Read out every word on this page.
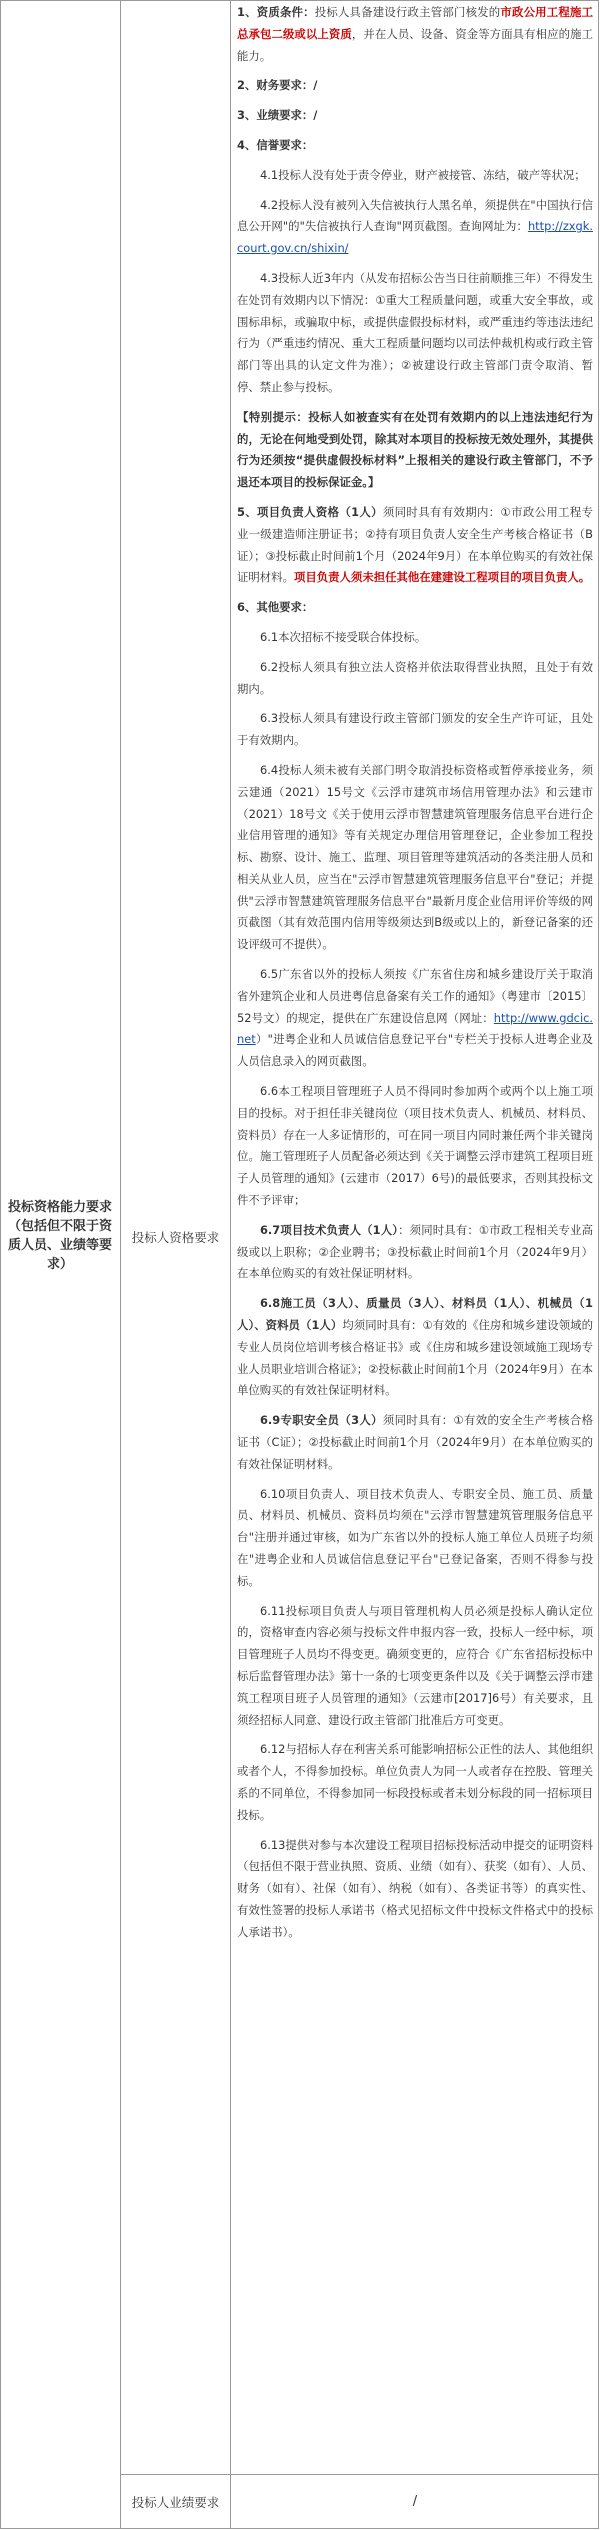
投标资格能力要求（包括但不限于资质人员、业绩等要求）
投标人资格要求
投标人业绩要求	/

1、资质条件：投标人具备建设行政主管部门核发的市政公用工程施工总承包二级或以上资质，并在人员、设备、资金等方面具有相应的施工能力。

2、财务要求：/

3、业绩要求：/

4、信誉要求：

4.1投标人没有处于责令停业，财产被接管、冻结，破产等状况；

4.2投标人没有被列入失信被执行人黑名单，须提供在"中国执行信息公开网"的"失信被执行人查询"网页截图。查询网址为：http://zxgk.court.gov.cn/shixin/

4.3投标人近3年内（从发布招标公告当日往前顺推三年）不得发生在处罚有效期内以下情况：①重大工程质量问题，或重大安全事故，或围标串标，或骗取中标，或提供虚假投标材料，或严重违约等违法违纪行为（严重违约情况、重大工程质量问题均以司法仲裁机构或行政主管部门等出具的认定文件为准）；②被建设行政主管部门责令取消、暂停、禁止参与投标。

【特别提示：投标人如被查实有在处罚有效期内的以上违法违纪行为的，无论在何地受到处罚，除其对本项目的投标按无效处理外，其提供行为还须按“提供虚假投标材料”上报相关的建设行政主管部门，不予退还本项目的投标保证金。】

5、项目负责人资格（1人）须同时具有有效期内：①市政公用工程专业一级建造师注册证书；②持有项目负责人安全生产考核合格证书（B证）；③投标截止时间前1个月（2024年9月）在本单位购买的有效社保证明材料。项目负责人须未担任其他在建建设工程项目的项目负责人。

6、其他要求：

6.1本次招标不接受联合体投标。

6.2投标人须具有独立法人资格并依法取得营业执照，且处于有效期内。

6.3投标人须具有建设行政主管部门颁发的安全生产许可证，且处于有效期内。

6.4投标人须未被有关部门明令取消投标资格或暂停承接业务，须云建通（2021）15号文《云浮市建筑市场信用管理办法》和云建市（2021）18号文《关于使用云浮市智慧建筑管理服务信息平台进行企业信用管理的通知》等有关规定办理信用管理登记，企业参加工程投标、勘察、设计、施工、监理、项目管理等建筑活动的各类注册人员和相关从业人员，应当在"云浮市智慧建筑管理服务信息平台"登记；并提供"云浮市智慧建筑管理服务信息平台"最新月度企业信用评价等级的网页截图（其有效范围内信用等级须达到B级或以上的，新登记备案的还设评级可不提供）。

6.5广东省以外的投标人须按《广东省住房和城乡建设厅关于取消省外建筑企业和人员进粤信息备案有关工作的通知》（粤建市〔2015〕52号文）的规定，提供在广东建设信息网（网址：http://www.gdcic.net）"进粤企业和人员诚信信息登记平台"专栏关于投标人进粤企业及人员信息录入的网页截图。

6.6本工程项目管理班子人员不得同时参加两个或两个以上施工项目的投标。对于担任非关键岗位（项目技术负责人、机械员、材料员、资料员）存在一人多证情形的，可在同一项目内同时兼任两个非关键岗位。施工管理班子人员配备必须达到《关于调整云浮市建筑工程项目班子人员管理的通知》(云建市（2017）6号)的最低要求，否则其投标文件不予评审；

6.7项目技术负责人（1人）：须同时具有：①市政工程相关专业高级或以上职称；②企业聘书；③投标截止时间前1个月（2024年9月）在本单位购买的有效社保证明材料。

6.8施工员（3人）、质量员（3人）、材料员（1人）、机械员（1人）、资料员（1人）均须同时具有：①有效的《住房和城乡建设领域的专业人员岗位培训考核合格证书》或《住房和城乡建设领域施工现场专业人员职业培训合格证》；②投标截止时间前1个月（2024年9月）在本单位购买的有效社保证明材料。

6.9专职安全员（3人）须同时具有：①有效的安全生产考核合格证书（C证）；②投标截止时间前1个月（2024年9月）在本单位购买的有效社保证明材料。

6.10项目负责人、项目技术负责人、专职安全员、施工员、质量员、材料员、机械员、资料员均须在"云浮市智慧建筑管理服务信息平台"注册并通过审核，如为广东省以外的投标人施工单位人员班子均须在"进粤企业和人员诚信信息登记平台"已登记备案，否则不得参与投标。

6.11投标项目负责人与项目管理机构人员必须是投标人确认定位的，资格审查内容必须与投标文件申报内容一致，投标人一经中标，项目管理班子人员均不得变更。确须变更的，应符合《广东省招标投标中标后监督管理办法》第十一条的七项变更条件以及《关于调整云浮市建筑工程项目班子人员管理的通知》（云建市[2017]6号）有关要求，且须经招标人同意、建设行政主管部门批准后方可变更。

6.12与招标人存在利害关系可能影响招标公正性的法人、其他组织或者个人，不得参加投标。单位负责人为同一人或者存在控股、管理关系的不同单位，不得参加同一标段投标或者未划分标段的同一招标项目投标。

6.13提供对参与本次建设工程项目招标投标活动申提交的证明资料（包括但不限于营业执照、资质、业绩（如有）、获奖（如有）、人员、财务（如有）、社保（如有）、纳税（如有）、各类证书等）的真实性、有效性签署的投标人承诺书（格式见招标文件中投标文件格式中的投标人承诺书）。
